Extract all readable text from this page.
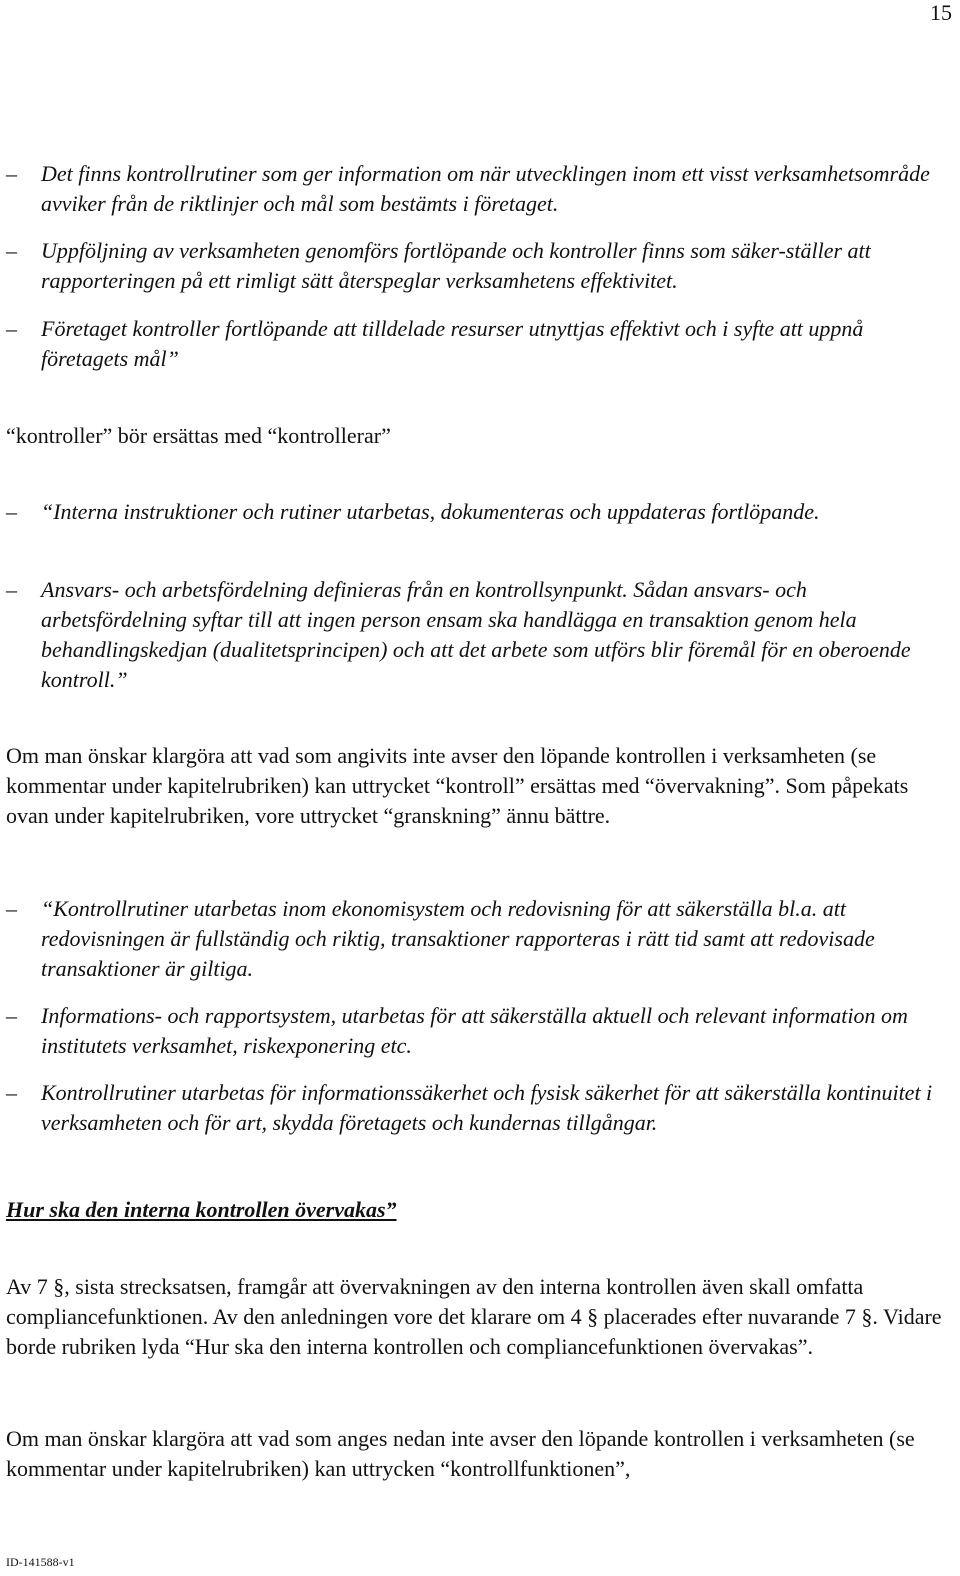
15
–	Det finns kontrollrutiner som ger information om när utvecklingen inom ett visst verksamhetsområde avviker från de riktlinjer och mål som bestämts i företaget.
–	Uppföljning av verksamheten genomförs fortlöpande och kontroller finns som säker-ställer att rapporteringen på ett rimligt sätt återspeglar verksamhetens effektivitet.
–	Företaget kontroller fortlöpande att tilldelade resurser utnyttjas effektivt och i syfte att uppnå företagets mål”
“kontroller” bör ersättas med “kontrollerar”
–	“Interna instruktioner och rutiner utarbetas, dokumenteras och uppdateras fortlöpande.
–	Ansvars- och arbetsfördelning definieras från en kontrollsynpunkt. Sådan ansvars- och arbetsfördelning syftar till att ingen person ensam ska handlägga en transaktion genom hela behandlingskedjan (dualitetsprincipen) och att det arbete som utförs blir föremål för en oberoende kontroll.”
Om man önskar klargöra att vad som angivits inte avser den löpande kontrollen i verksamheten (se kommentar under kapitelrubriken) kan uttrycket “kontroll” ersättas med “övervakning”. Som påpekats ovan under kapitelrubriken, vore uttrycket “granskning” ännu bättre.
–	“Kontrollrutiner utarbetas inom ekonomisystem och redovisning för att säkerställa bl.a. att redovisningen är fullständig och riktig, transaktioner rapporteras i rätt tid samt att redovisade transaktioner är giltiga.
–	Informations- och rapportsystem, utarbetas för att säkerställa aktuell och relevant information om institutets verksamhet, riskexponering etc.
–	Kontrollrutiner utarbetas för informationssäkerhet och fysisk säkerhet för att säkerställa kontinuitet i verksamheten och för art, skydda företagets och kundernas tillgångar.
Hur ska den interna kontrollen övervakas”
Av 7 §, sista strecksatsen, framgår att övervakningen av den interna kontrollen även skall omfatta compliancefunktionen. Av den anledningen vore det klarare om 4 § placerades efter nuvarande 7 §. Vidare borde rubriken lyda “Hur ska den interna kontrollen och compliancefunktionen övervakas”.
Om man önskar klargöra att vad som anges nedan inte avser den löpande kontrollen i verksamheten (se kommentar under kapitelrubriken) kan uttrycken “kontrollfunktionen”,
ID-141588-v1
